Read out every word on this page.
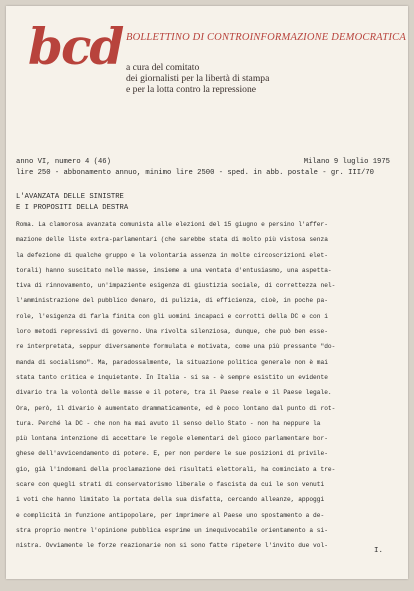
bcd BOLLETTINO DI CONTROINFORMAZIONE DEMOCRATICA
a cura del comitato
dei giornalisti per la libertà di stampa
e per la lotta contro la repressione
anno VI, numero 4 (46)	Milano 9 luglio 1975
lire 250 - abbonamento annuo, minimo lire 2500 - sped. in abb. postale - gr. III/70
L'AVANZATA DELLE SINISTRE
E I PROPOSITI DELLA DESTRA
Roma. La clamorosa avanzata comunista alle elezioni del 15 giugno e persino l'affer-
mazione delle liste extra-parlamentari (che sarebbe stata di molto più vistosa senza
la defezione di qualche gruppo e la volontaria assenza in molte circoscrizioni elet-
torali) hanno suscitato nelle masse, insieme a una ventata d'entusiasmo, una aspetta-
tiva di rinnovamento, un'impaziente esigenza di giustizia sociale, di correttezza nel-
l'amministrazione del pubblico denaro, di pulizia, di efficienza, cioè, in poche pa-
role, l'esigenza di farla finita con gli uomini incapaci e corrotti della DC e con i
loro metodi repressivi di governo. Una rivolta silenziosa, dunque, che può ben esse-
re interpretata, seppur diversamente formulata e motivata, come una più pressante "do-
manda di socialismo". Ma, paradossalmente, la situazione politica generale non è mai
stata tanto critica e inquietante. In Italia - si sa - è sempre esistito un evidente
divario tra la volontà delle masse e il potere, tra il Paese reale e il Paese legale.
Ora, però, il divario è aumentato drammaticamente, ed è poco lontano dal punto di rot-
tura. Perché la DC - che non ha mai avuto il senso dello Stato - non ha neppure la
più lontana intenzione di accettare le regole elementari del gioco parlamentare bor-
ghese dell'avvicendamento di potere. E, per non perdere le sue posizioni di privile-
gio, già l'indomani della proclamazione dei risultati elettorali, ha cominciato a tre-
scare con quegli strati di conservatorismo liberale o fascista da cui le son venuti
i voti che hanno limitato la portata della sua disfatta, cercando alleanze, appoggi
e complicità in funzione antipopolare, per imprimere al Paese uno spostamento a de-
stra proprio mentre l'opinione pubblica esprime un inequivocabile orientamento a si-
nistra. Ovviamente le forze reazionarie non si sono fatte ripetere l'invito due vol-
I.
